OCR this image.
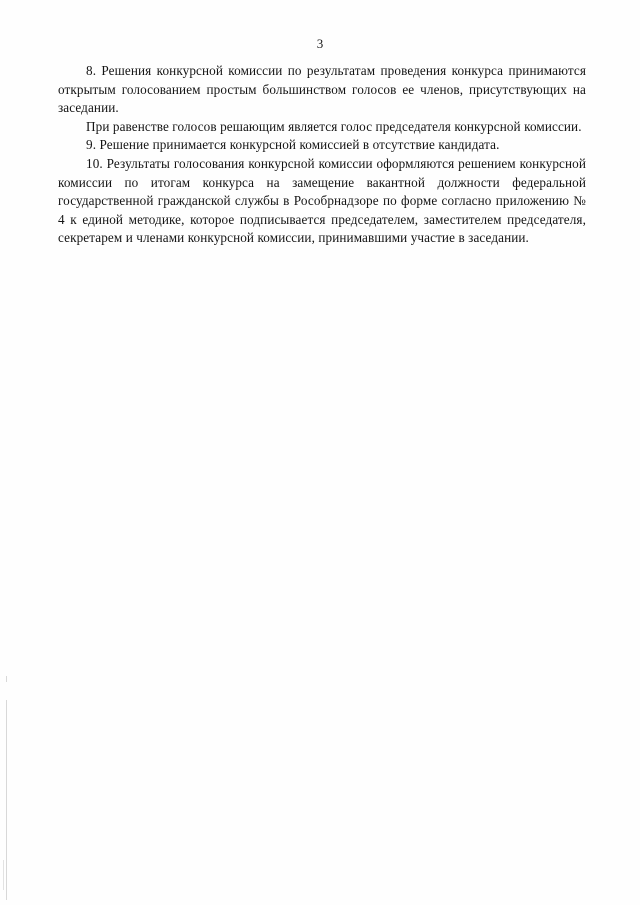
3

8. Решения конкурсной комиссии по результатам проведения конкурса принимаются открытым голосованием простым большинством голосов ее членов, присутствующих на заседании.

При равенстве голосов решающим является голос председателя конкурсной комиссии.

9. Решение принимается конкурсной комиссией в отсутствие кандидата.

10. Результаты голосования конкурсной комиссии оформляются решением конкурсной комиссии по итогам конкурса на замещение вакантной должности федеральной государственной гражданской службы в Рособрнадзоре по форме согласно приложению № 4 к единой методике, которое подписывается председателем, заместителем председателя, секретарем и членами конкурсной комиссии, принимавшими участие в заседании.
